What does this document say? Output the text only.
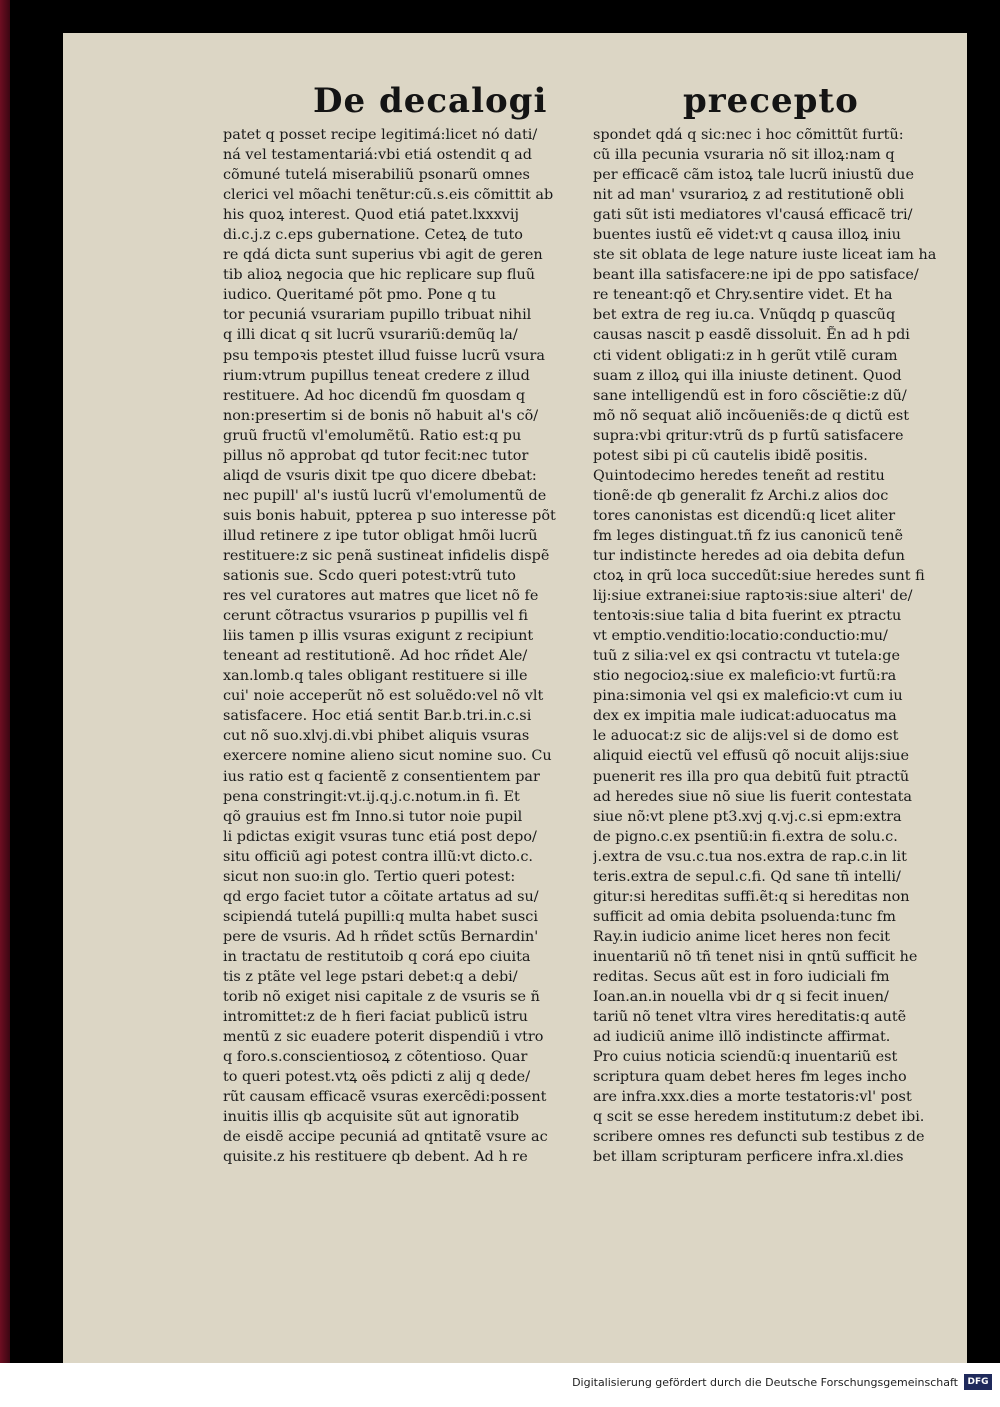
De decalogi	precepto
patet q posset recipe legitimá:licet nó dati/
ná vel testamentariá:vbi etiá ostendit q ad
cõmuné tutelá miserabiliũ psonarũ omnes
clerici vel mõachi tenẽtur:cũ.s.eis cõmittit ab
his quoꝝ interest. Quod etiá patet.lxxxvij
di.c.j.z c.eps gubernatione. Ceteꝝ de tuto
re qdá dicta sunt superius vbi agit de geren
tib alioꝝ negocia que hic replicare sup fluũ
iudico. Queritamé põt pmo. Pone q tu
tor pecuniá vsurariam pupillo tribuat nihil
q illi dicat q sit lucrũ vsurariũ:demũq la/
psu tempoꝛis ptestet illud fuisse lucrũ vsura
rium:vtrum pupillus teneat credere z illud
restituere. Ad hoc dicendũ fm quosdam q
non:presertim si de bonis nõ habuit al's cõ/
gruũ fructũ vl'emolumẽtũ. Ratio est:q pu
pillus nõ approbat qd tutor fecit:nec tutor
aliqd de vsuris dixit tpe quo dicere dbebat:
nec pupill' al's iustũ lucrũ vl'emolumentũ de
suis bonis habuit, ppterea p suo interesse põt
illud retinere z ipe tutor obligat hmõi lucrũ
restituere:z sic penã sustineat infidelis dispẽ
sationis sue. Scdo queri potest:vtrũ tuto
res vel curatores aut matres que licet nõ fe
cerunt cõtractus vsurarios p pupillis vel fi
liis tamen p illis vsuras exigunt z recipiunt
teneant ad restitutionẽ. Ad hoc rñdet Ale/
xan.lomb.q tales obligant restituere si ille
cui' noie acceperũt nõ est soluẽdo:vel nõ vlt
satisfacere. Hoc etiá sentit Bar.b.tri.in.c.si
cut nõ suo.xlvj.di.vbi phibet aliquis vsuras
exercere nomine alieno sicut nomine suo. Cu
ius ratio est q facientẽ z consentientem par
pena constringit:vt.ij.q.j.c.notum.in fi. Et
qõ grauius est fm Inno.si tutor noie pupil
li pdictas exigit vsuras tunc etiá post depo/
situ officiũ agi potest contra illũ:vt dicto.c.
sicut non suo:in glo. Tertio queri potest:
qd ergo faciet tutor a cõitate artatus ad su/
scipiendá tutelá pupilli:q multa habet susci
pere de vsuris. Ad h rñdet sctũs Bernardin'
in tractatu de restitutoib q corá epo ciuita
tis z ptãte vel lege pstari debet:q a debi/
torib nõ exiget nisi capitale z de vsuris se ñ
intromittet:z de h fieri faciat publicũ istru
mentũ z sic euadere poterit dispendiũ i vtro
q foro.s.conscientiosoꝝ z cõtentioso. Quar
to queri potest.vtꝝ oẽs pdicti z alij q dede/
rũt causam efficacẽ vsuras exercẽdi:possent
inuitis illis qb acquisite sũt aut ignoratib
de eisdẽ accipe pecuniá ad qntitatẽ vsure ac
quisite.z his restituere qb debent. Ad h re
spondet qdá q sic:nec i hoc cõmittũt furtũ:
cũ illa pecunia vsuraria nõ sit illoꝝ:nam q
per efficacẽ cãm istoꝝ tale lucrũ iniustũ due
nit ad man' vsurarioꝝ z ad restitutionẽ obli
gati sũt isti mediatores vl'causá efficacẽ tri/
buentes iustũ eẽ videt:vt q causa illoꝝ iniu
ste sit oblata de lege nature iuste liceat iam ha
beant illa satisfacere:ne ipi de ppo satisface/
re teneant:qõ et Chry.sentire videt. Et ha
bet extra de reg iu.ca. Vnũqdq p quascũq
causas nascit p easdẽ dissoluit. Ẽn ad h pdi
cti vident obligati:z in h gerũt vtilẽ curam
suam z illoꝝ qui illa iniuste detinent. Quod
sane intelligendũ est in foro cõsciẽtie:z dũ/
mõ nõ sequat aliõ incõueniẽs:de q dictũ est
supra:vbi qritur:vtrũ ds p furtũ satisfacere
potest sibi pi cũ cautelis ibidẽ positis.
Quintodecimo heredes teneñt ad restitu
tionẽ:de qb generalit fz Archi.z alios doc
tores canonistas est dicendũ:q licet aliter
fm leges distinguat.tñ fz ius canonicũ tenẽ
tur indistincte heredes ad oia debita defun
ctoꝝ in qrũ loca succedũt:siue heredes sunt fi
lij:siue extranei:siue raptoꝛis:siue alteri' de/
tentoꝛis:siue talia d bita fuerint ex ptractu
vt emptio.venditio:locatio:conductio:mu/
tuũ z silia:vel ex qsi contractu vt tutela:ge
stio negocioꝝ:siue ex maleficio:vt furtũ:ra
pina:simonia vel qsi ex maleficio:vt cum iu
dex ex impitia male iudicat:aduocatus ma
le aduocat:z sic de alijs:vel si de domo est
aliquid eiectũ vel effusũ qõ nocuit alijs:siue
puenerit res illa pro qua debitũ fuit ptractũ
ad heredes siue nõ siue lis fuerit contestata
siue nõ:vt plene pt3.xvj q.vj.c.si epm:extra
de pigno.c.ex psentiũ:in fi.extra de solu.c.
j.extra de vsu.c.tua nos.extra de rap.c.in lit
teris.extra de sepul.c.fi. Qd sane tñ intelli/
gitur:si hereditas suffi.ẽt:q si hereditas non
sufficit ad omia debita psoluenda:tunc fm
Ray.in iudicio anime licet heres non fecit
inuentariũ nõ tñ tenet nisi in qntũ sufficit he
reditas. Secus aũt est in foro iudiciali fm
Ioan.an.in nouella vbi dr q si fecit inuen/
tariũ nõ tenet vltra vires hereditatis:q autẽ
ad iudiciũ anime illõ indistincte affirmat.
Pro cuius noticia sciendũ:q inuentariũ est
scriptura quam debet heres fm leges incho
are infra.xxx.dies a morte testatoris:vl' post
q scit se esse heredem institutum:z debet ibi.
scribere omnes res defuncti sub testibus z de
bet illam scripturam perficere infra.xl.dies
Digitalisierung gefördert durch die Deutsche Forschungsgemeinschaft	DFG
